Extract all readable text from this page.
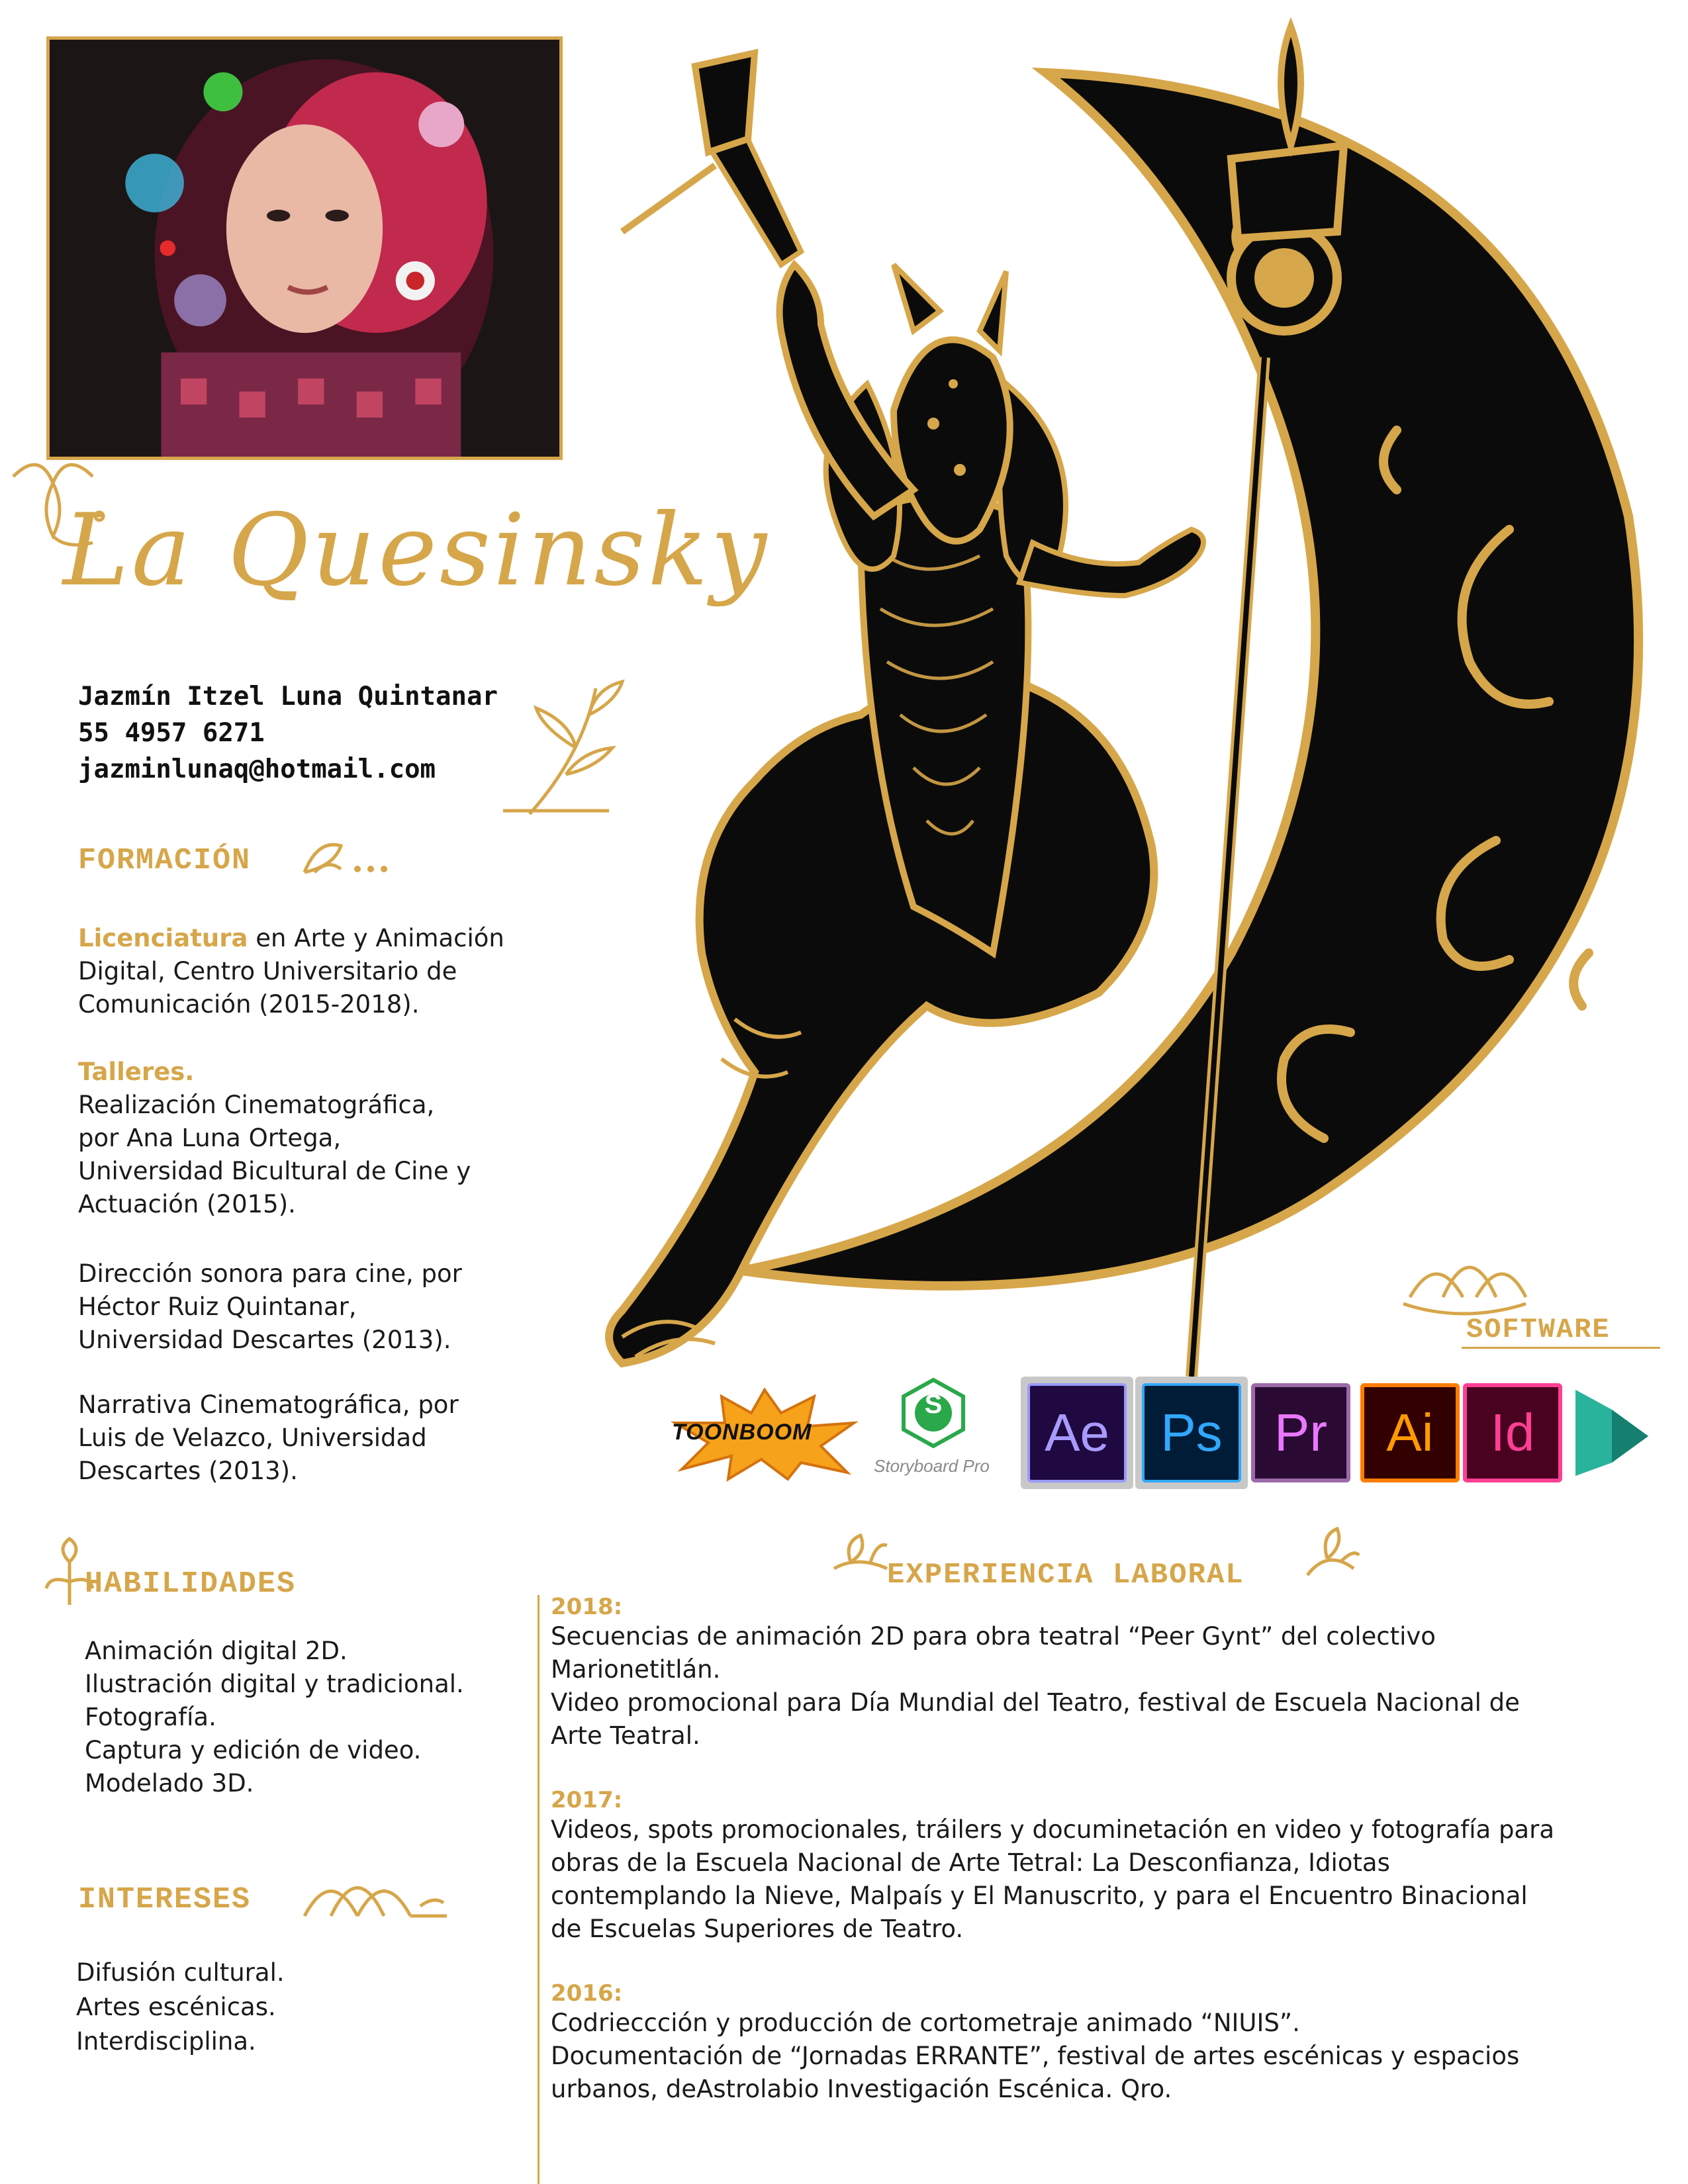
La Quesinsky
Jazmín Itzel Luna Quintanar
55 4957 6271
jazminlunaq@hotmail.com
FORMACIÓN
Licenciatura en Arte y Animación
Digital, Centro Universitario de
Comunicación (2015-2018).
Talleres.
Realización Cinematográfica,
por Ana Luna Ortega,
Universidad Bicultural de Cine y
Actuación (2015).
Dirección sonora para cine, por
Héctor Ruiz Quintanar,
Universidad Descartes (2013).
Narrativa Cinematográfica, por
Luis de Velazco, Universidad
Descartes (2013).
HABILIDADES
Animación digital 2D.
Ilustración digital y tradicional.
Fotografía.
Captura y edición de video.
Modelado 3D.
INTERESES
Difusión cultural.
Artes escénicas.
Interdisciplina.
SOFTWARE
TOONBOOM
S
Storyboard Pro
Ae Ps Pr	Ai	Id
EXPERIENCIA LABORAL
2018:
Secuencias de animación 2D para obra teatral “Peer Gynt” del colectivo
Marionetitlán.
Video promocional para Día Mundial del Teatro, festival de Escuela Nacional de
Arte Teatral.
2017:
Videos, spots promocionales, tráilers y documinetación en video y fotografía para
obras de la Escuela Nacional de Arte Tetral: La Desconfianza, Idiotas
contemplando la Nieve, Malpaís y El Manuscrito, y para el Encuentro Binacional
de Escuelas Superiores de Teatro.
2016:
Codrieccción y producción de cortometraje animado “NIUIS”.
Documentación de “Jornadas ERRANTE”, festival de artes escénicas y espacios
urbanos, deAstrolabio Investigación Escénica. Qro.
